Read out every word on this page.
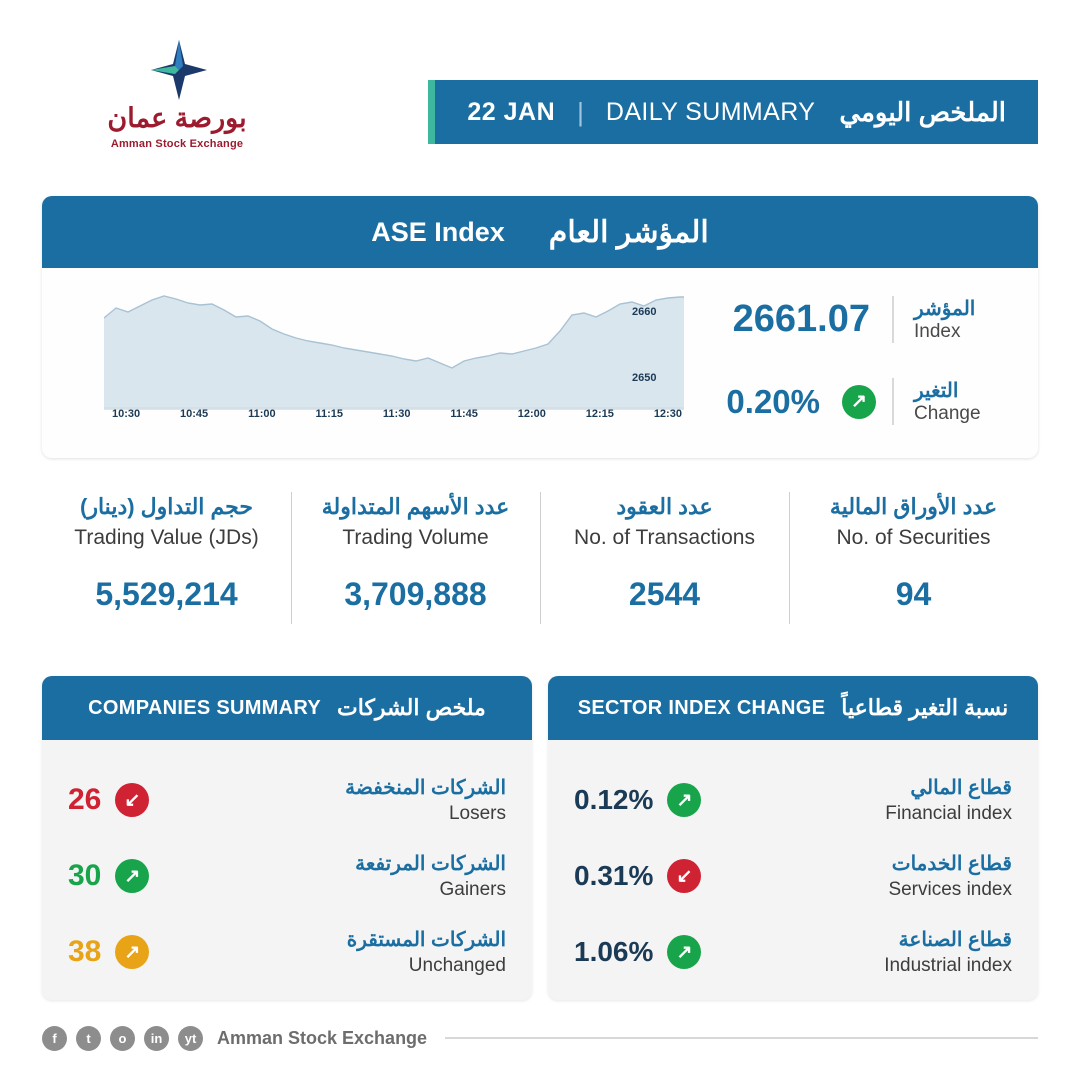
بورصة عمان
Amman Stock Exchange
22 JAN | DAILY SUMMARY الملخص اليومي
ASE Index المؤشر العام
2660
2650
10:30	10:45	11:00	11:15	11:30	11:45	12:00	12:15	12:30
2661.07 المؤشر
Index
0.20%	↗	التغير
Change
حجم التداول (دينار)
Trading Value (JDs)
5,529,214
عدد الأسهم المتداولة
Trading Volume
3,709,888
عدد العقود
No. of Transactions
2544
عدد الأوراق المالية
No. of Securities
94
COMPANIES SUMMARY ملخص الشركات
26	↙
الشركات المنخفضة
Losers
30	↗
الشركات المرتفعة
Gainers
38	↗
الشركات المستقرة
Unchanged
SECTOR INDEX CHANGE نسبة التغير قطاعياً
0.12%	↗
قطاع المالي
Financial index
0.31%	↙
قطاع الخدمات
Services index
1.06%	↗
قطاع الصناعة
Industrial index
f	t	o	in	yt	Amman Stock Exchange
